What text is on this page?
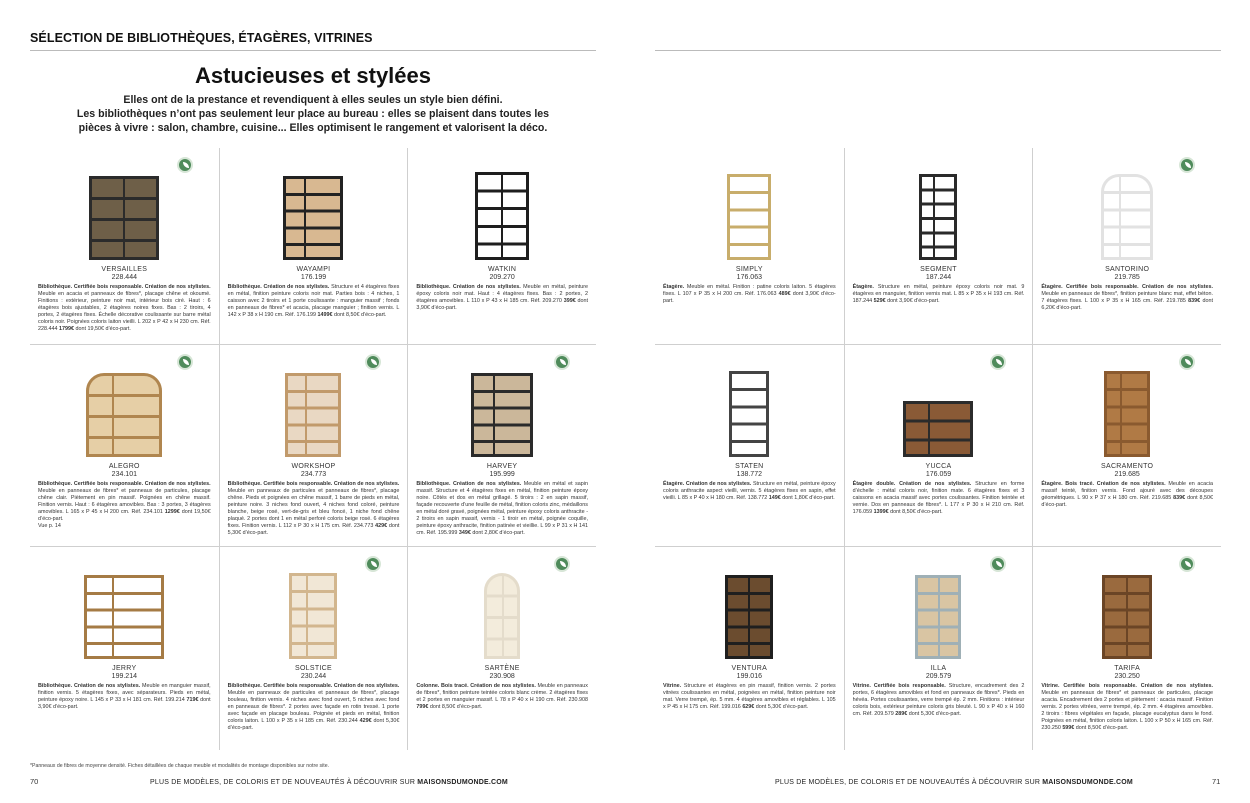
SÉLECTION DE BIBLIOTHÈQUES, ÉTAGÈRES, VITRINES
Astucieuses et stylées
Elles ont de la prestance et revendiquent à elles seules un style bien défini.
Les bibliothèques n’ont pas seulement leur place au bureau : elles se plaisent dans toutes les
pièces à vivre : salon, chambre, cuisine... Elles optimisent le rangement et valorisent la déco.
VERSAILLES
228.444
Bibliothèque. Certifiée bois responsable. Création de nos stylistes. Meuble en acacia et panneaux de fibres*, placage chêne et okoumé. Finitions : extérieur, peinture noir mat, intérieur bois ciré. Haut : 6 étagères bois ajustables, 2 étagères noires fixes. Bas : 2 tiroirs, 4 portes, 2 étagères fixes. Échelle décorative coulissante sur barre métal coloris noir. Poignées coloris laiton vieilli. L 202 x P 42 x H 230 cm. Réf. 228.444 1799€ dont 19,50€ d’éco-part.
WAYAMPI
176.199
Bibliothèque. Création de nos stylistes. Structure et 4 étagères fixes en métal, finition peinture coloris noir mat. Parties bois : 4 niches, 1 caisson avec 2 tiroirs et 1 porte coulissante : manguier massif ; fonds en panneaux de fibres* et acacia, placage manguier ; finition vernis. L 142 x P 38 x H 190 cm. Réf. 176.199 1499€ dont 8,50€ d’éco-part.
WATKIN
209.270
Bibliothèque. Création de nos stylistes. Meuble en métal, peinture époxy coloris noir mat. Haut : 4 étagères fixes. Bas : 2 portes, 2 étagères amovibles. L 110 x P 43 x H 185 cm. Réf. 209.270 399€ dont 3,90€ d’éco-part.
ALEGRO
234.101
Bibliothèque. Certifiée bois responsable. Création de nos stylistes. Meuble en panneaux de fibres* et panneaux de particules, placage chêne clair. Piètement en pin massif. Poignées en chêne massif. Finition vernis. Haut : 6 étagères amovibles. Bas : 3 portes, 3 étagères amovibles. L 165 x P 45 x H 200 cm. Réf. 234.101 1299€ dont 19,50€ d’éco-part.
Vue p. 14
WORKSHOP
234.773
Bibliothèque. Certifiée bois responsable. Création de nos stylistes. Meuble en panneaux de particules et panneaux de fibres*, placage chêne. Pieds et poignées en chêne massif, 1 barre de pieds en métal, peinture noire. 3 niches fond ouvert, 4 niches fond coloré, peinture blanche, beige rosé, vert-de-gris et bleu foncé, 1 niche fond chêne plaqué. 2 portes dont 1 en métal perforé coloris beige rosé. 6 étagères fixes. Finition vernis. L 112 x P 30 x H 175 cm. Réf. 234.773 429€ dont 5,30€ d’éco-part.
HARVEY
195.999
Bibliothèque. Création de nos stylistes. Meuble en métal et sapin massif. Structure et 4 étagères fixes en métal, finition peinture époxy noire. Côtés et dos en métal grillagé. 5 tiroirs : 2 en sapin massif, façade recouverte d’une feuille de métal, finition coloris zinc, médaillons en métal doré gravé, poignées métal, peinture époxy coloris anthracite - 2 tiroirs en sapin massif, vernis - 1 tiroir en métal, poignée coquille, peinture époxy anthracite, finition patinée et vieillie. L 99 x P 31 x H 141 cm. Réf. 195.999 349€ dont 2,80€ d’éco-part.
JERRY
199.214
Bibliothèque. Création de nos stylistes. Meuble en manguier massif, finition vernis. 5 étagères fixes, avec séparateurs. Pieds en métal, peinture époxy noire. L 145 x P 33 x H 181 cm. Réf. 199.214 719€ dont 3,90€ d’éco-part.
SOLSTICE
230.244
Bibliothèque. Certifiée bois responsable. Création de nos stylistes. Meuble en panneaux de particules et panneaux de fibres*, placage bouleau, finition vernis. 4 niches avec fond ouvert, 5 niches avec fond en panneaux de fibres*. 2 portes avec façade en rotin tressé. 1 porte avec façade en placage bouleau. Poignée et pieds en métal, finition coloris laiton. L 100 x P 35 x H 185 cm. Réf. 230.244 429€ dont 5,30€ d’éco-part.
SARTÈNE
230.908
Colonne. Bois tracé. Création de nos stylistes. Meuble en panneaux de fibres*, finition peinture teintée coloris blanc crème. 2 étagères fixes et 2 portes en manguier massif. L 78 x P 40 x H 190 cm. Réf. 230.908 799€ dont 8,50€ d’éco-part.
*Panneaux de fibres de moyenne densité. Fiches détaillées de chaque meuble et modalités de montage disponibles sur notre site.
70	PLUS DE MODÈLES, DE COLORIS ET DE NOUVEAUTÉS À DÉCOUVRIR SUR MAISONSDUMONDE.COM
SIMPLY
176.063
Étagère. Meuble en métal. Finition : patine coloris laiton. 5 étagères fixes. L 107 x P 35 x H 200 cm. Réf. 176.063 489€ dont 3,90€ d’éco-part.
SEGMENT
187.244
Étagère. Structure en métal, peinture époxy coloris noir mat. 9 étagères en manguier, finition vernis mat. L 85 x P 35 x H 193 cm. Réf. 187.244 529€ dont 3,90€ d’éco-part.
SANTORINO
219.785
Étagère. Certifiée bois responsable. Création de nos stylistes. Meuble en panneaux de fibres*, finition peinture blanc mat, effet béton. 7 étagères fixes. L 100 x P 35 x H 165 cm. Réf. 219.785 839€ dont 6,20€ d’éco-part.
STATEN
138.772
Étagère. Création de nos stylistes. Structure en métal, peinture époxy coloris anthracite aspect vieilli, vernis. 5 étagères fixes en sapin, effet vieilli. L 85 x P 40 x H 180 cm. Réf. 138.772 149€ dont 1,80€ d’éco-part.
YUCCA
176.059
Étagère double. Création de nos stylistes. Structure en forme d’échelle : métal coloris noir, finition mate. 6 étagères fixes et 3 caissons en acacia massif avec portes coulissantes. Finition teintée et vernie. Dos en panneaux de fibres*. L 177 x P 30 x H 210 cm. Réf. 176.059 1399€ dont 8,50€ d’éco-part.
SACRAMENTO
219.685
Étagère. Bois tracé. Création de nos stylistes. Meuble en acacia massif teinté, finition vernis. Fond ajouré avec des découpes géométriques. L 90 x P 37 x H 180 cm. Réf. 219.685 839€ dont 8,50€ d’éco-part.
VENTURA
199.016
Vitrine. Structure et étagères en pin massif, finition vernis. 2 portes vitrées coulissantes en métal, poignées en métal, finition peinture noir mat. Verre trempé, ép. 5 mm. 4 étagères amovibles et réglables. L 105 x P 45 x H 175 cm. Réf. 199.016 629€ dont 5,30€ d’éco-part.
ILLA
209.579
Vitrine. Certifiée bois responsable. Structure, encadrement des 2 portes, 6 étagères amovibles et fond en panneaux de fibres*. Pieds en hévéa. Portes coulissantes, verre trempé ép. 2 mm. Finitions : intérieur coloris bois, extérieur peinture coloris gris bleuté. L 90 x P 40 x H 160 cm. Réf. 209.579 289€ dont 5,30€ d’éco-part.
TARIFA
230.250
Vitrine. Certifiée bois responsable. Création de nos stylistes. Meuble en panneaux de fibres* et panneaux de particules, placage acacia. Encadrement des 2 portes et piètement : acacia massif. Finition vernis. 2 portes vitrées, verre trempé, ép. 2 mm. 4 étagères amovibles. 2 tiroirs : fibres végétales en façade, placage eucalyptus dans le fond. Poignées en métal, finition coloris laiton. L 100 x P 50 x H 165 cm. Réf. 230.250 599€ dont 8,50€ d’éco-part.
PLUS DE MODÈLES, DE COLORIS ET DE NOUVEAUTÉS À DÉCOUVRIR SUR MAISONSDUMONDE.COM	71
